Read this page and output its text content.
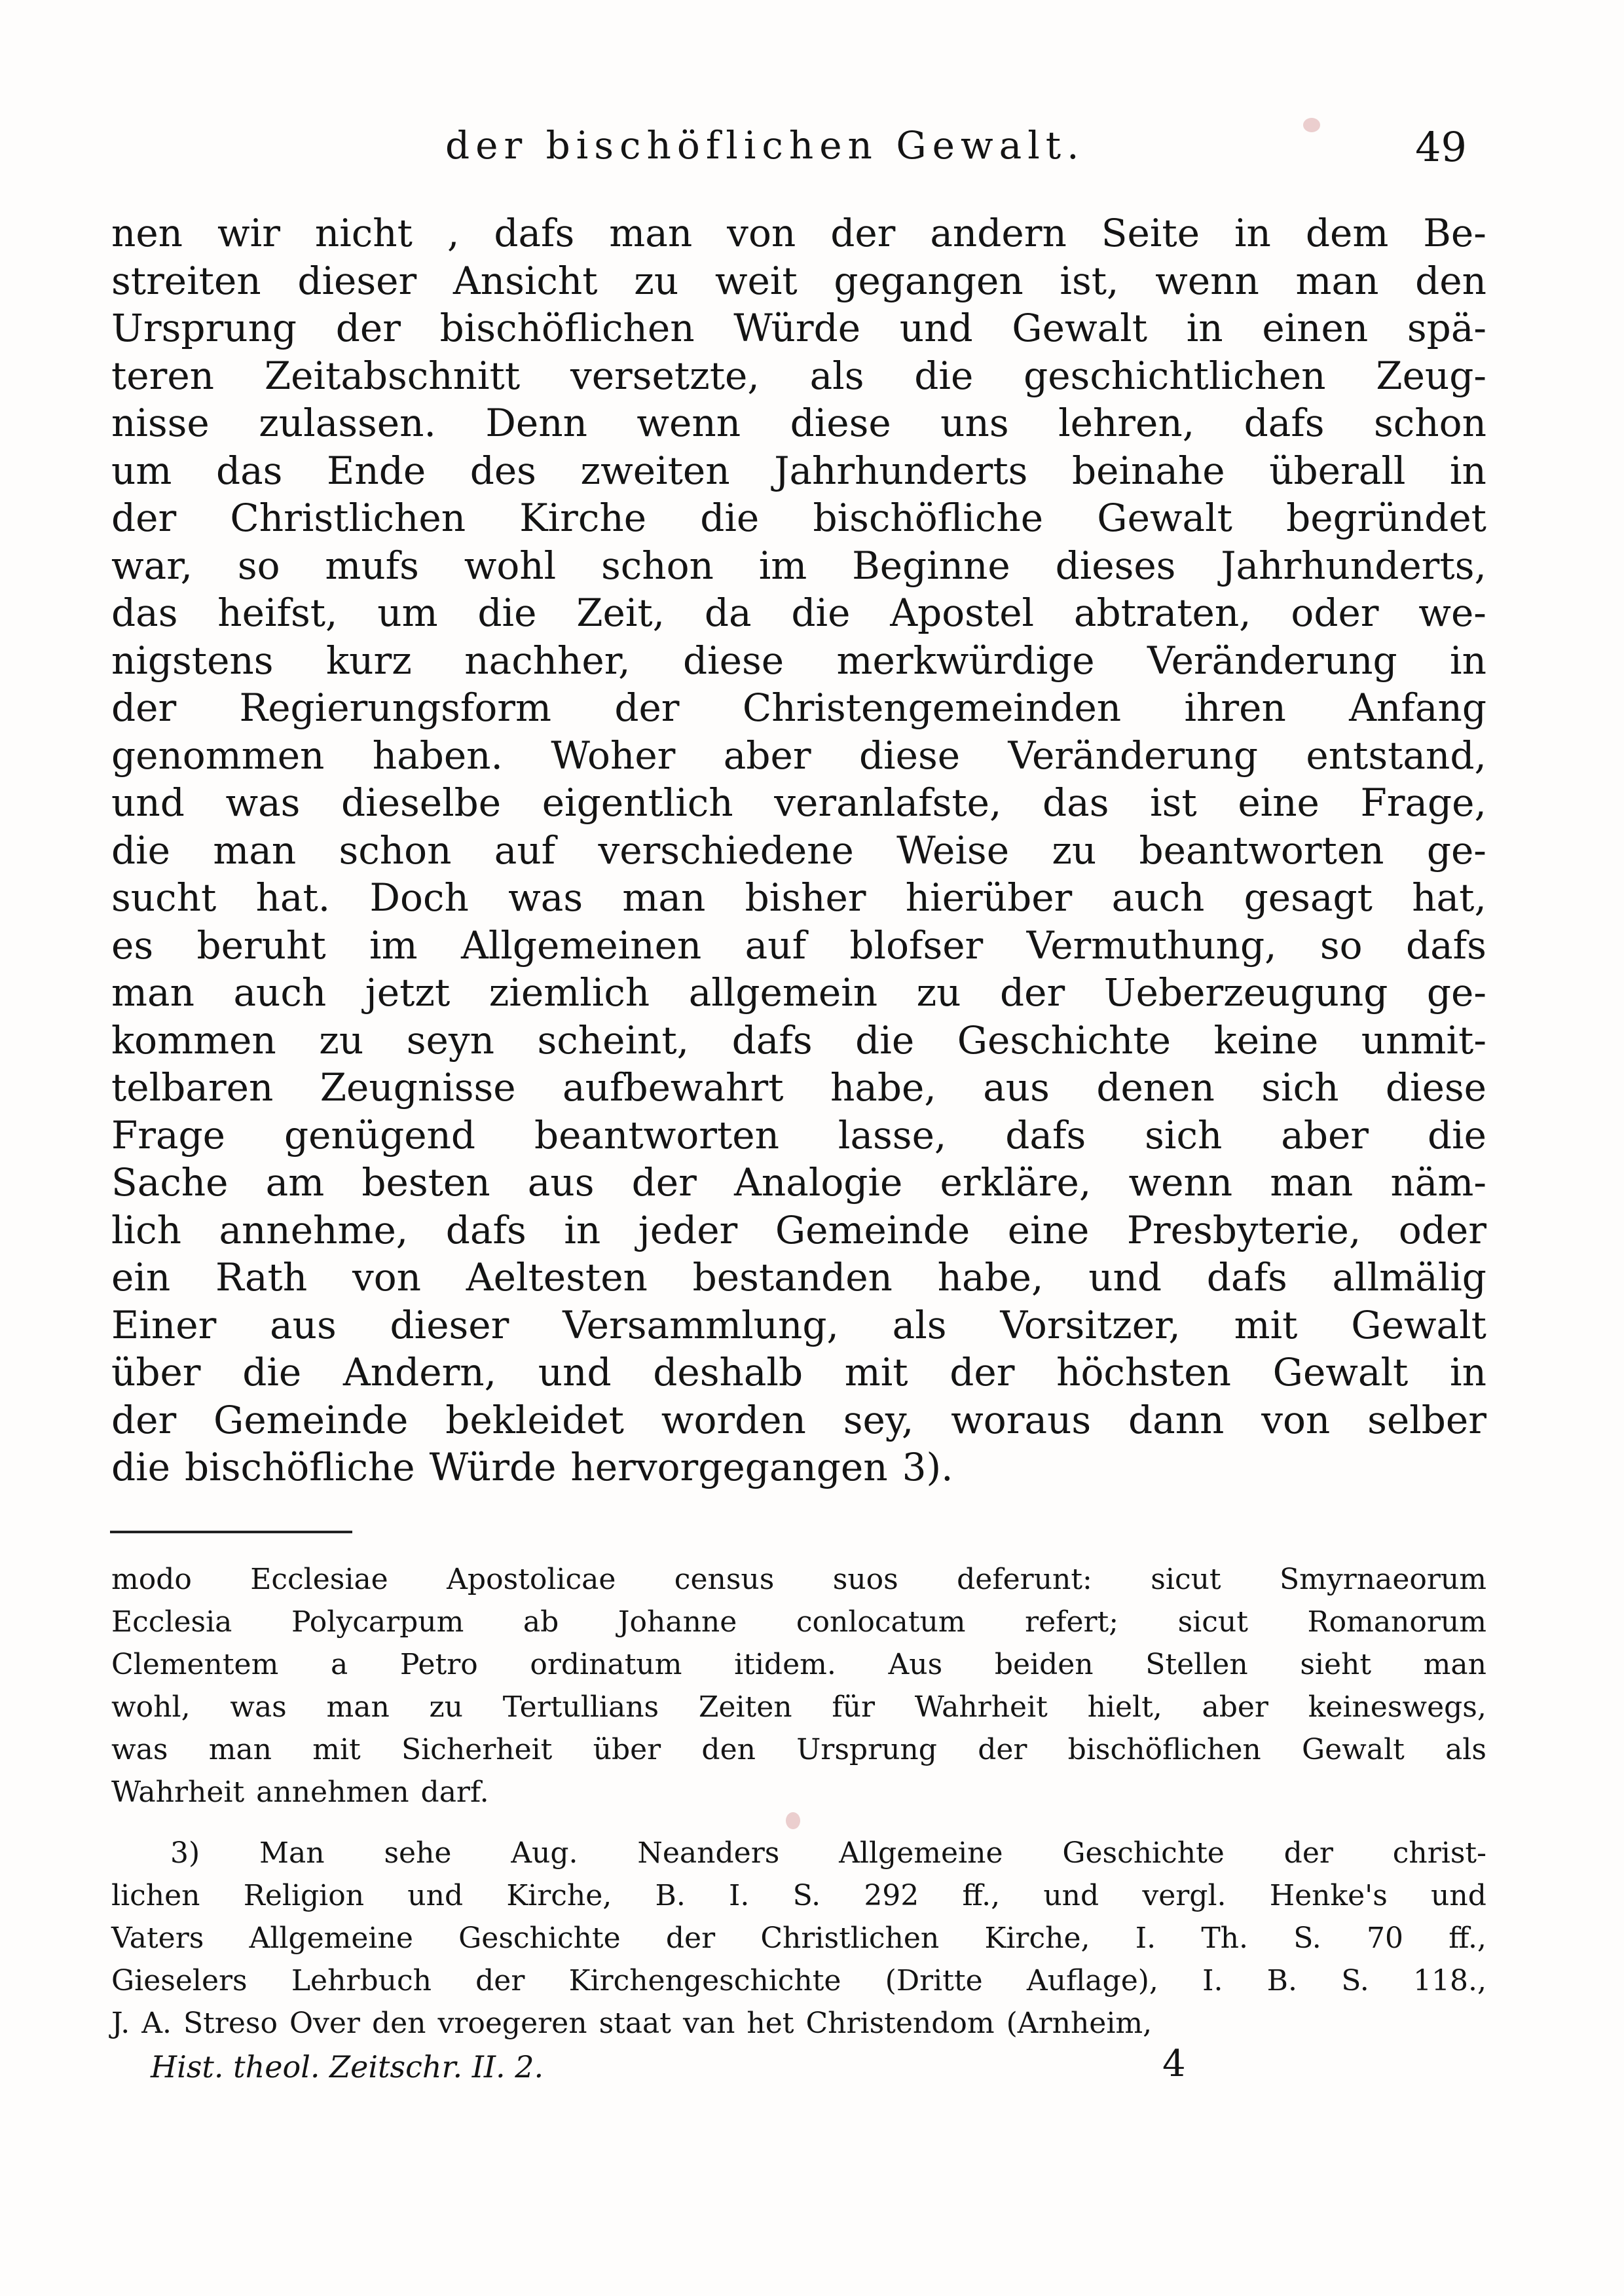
der bischöflichen Gewalt.	49
nen wir nicht , dafs man von der andern Seite in dem Be-
streiten dieser Ansicht zu weit gegangen ist, wenn man den
Ursprung der bischöflichen Würde und Gewalt in einen spä-
teren Zeitabschnitt versetzte, als die geschichtlichen Zeug-
nisse zulassen. Denn wenn diese uns lehren, dafs schon
um das Ende des zweiten Jahrhunderts beinahe überall in
der Christlichen Kirche die bischöfliche Gewalt begründet
war, so mufs wohl schon im Beginne dieses Jahrhunderts,
das heifst, um die Zeit, da die Apostel abtraten, oder we-
nigstens kurz nachher, diese merkwürdige Veränderung in
der Regierungsform der Christengemeinden ihren Anfang
genommen haben. Woher aber diese Veränderung entstand,
und was dieselbe eigentlich veranlafste, das ist eine Frage,
die man schon auf verschiedene Weise zu beantworten ge-
sucht hat. Doch was man bisher hierüber auch gesagt hat,
es beruht im Allgemeinen auf blofser Vermuthung, so dafs
man auch jetzt ziemlich allgemein zu der Ueberzeugung ge-
kommen zu seyn scheint, dafs die Geschichte keine unmit-
telbaren Zeugnisse aufbewahrt habe, aus denen sich diese
Frage genügend beantworten lasse, dafs sich aber die
Sache am besten aus der Analogie erkläre, wenn man näm-
lich annehme, dafs in jeder Gemeinde eine Presbyterie, oder
ein Rath von Aeltesten bestanden habe, und dafs allmälig
Einer aus dieser Versammlung, als Vorsitzer, mit Gewalt
über die Andern, und deshalb mit der höchsten Gewalt in
der Gemeinde bekleidet worden sey, woraus dann von selber
die bischöfliche Würde hervorgegangen 3).
modo Ecclesiae Apostolicae census suos deferunt: sicut Smyrnaeorum
Ecclesia Polycarpum ab Johanne conlocatum refert; sicut Romanorum
Clementem a Petro ordinatum itidem. Aus beiden Stellen sieht man
wohl, was man zu Tertullians Zeiten für Wahrheit hielt, aber keineswegs,
was man mit Sicherheit über den Ursprung der bischöflichen Gewalt als
Wahrheit annehmen darf.
3) Man sehe Aug. Neanders Allgemeine Geschichte der christ-
lichen Religion und Kirche, B. I. S. 292 ff., und vergl. Henke's und
Vaters Allgemeine Geschichte der Christlichen Kirche, I. Th. S. 70 ff.,
Gieselers Lehrbuch der Kirchengeschichte (Dritte Auflage), I. B. S. 118.,
J. A. Streso Over den vroegeren staat van het Christendom (Arnheim,
Hist. theol. Zeitschr. II. 2.	4
